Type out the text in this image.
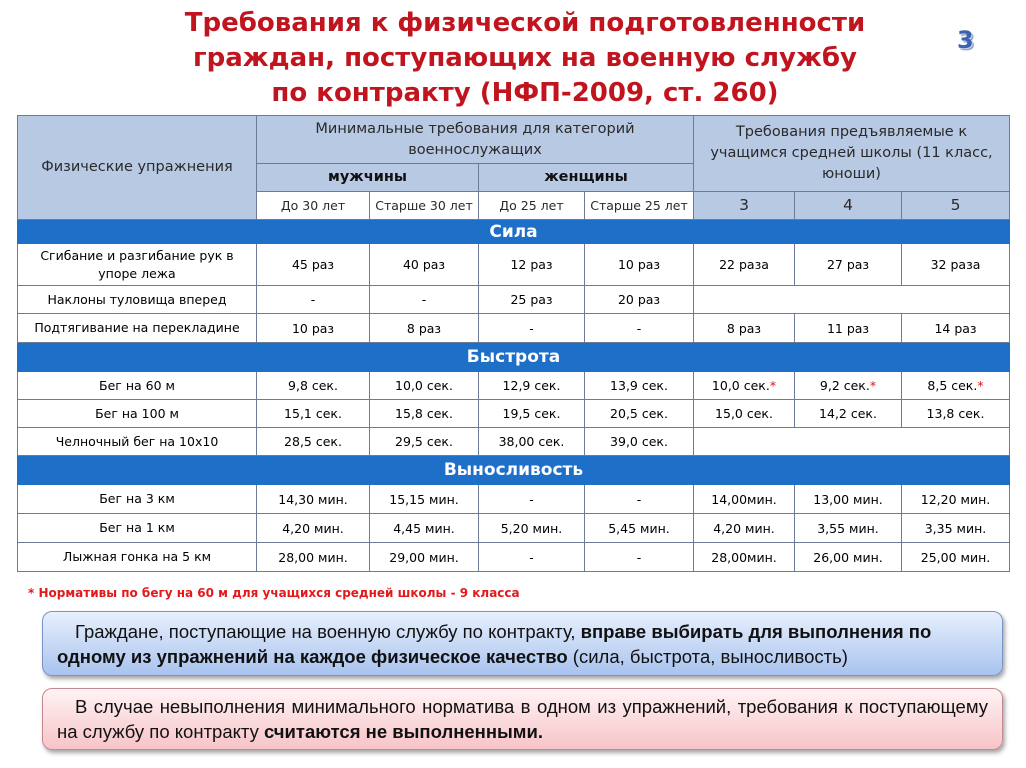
Требования к физической подготовленности
граждан, поступающих на военную службу
по контракту (НФП-2009, ст. 260)
3
Физические упражнения	Минимальные требования для категорий военнослужащих				Требования предъявляемые к учащимся средней школы (11 класс, юноши)		
	мужчины		женщины				
	До 30 лет	Старше 30 лет	До 25 лет	Старше 25 лет	3	4	5
Сила							
Сгибание и разгибание рук в упоре лежа	45 раз	40 раз	12 раз	10 раз	22 раза	27 раз	32 раза
Наклоны туловища вперед	-	-	25 раз	20 раз			
Подтягивание на перекладине	10 раз	8 раз	-	-	8 раз	11 раз	14 раз
Быстрота							
Бег на 60 м	9,8 сек.	10,0 сек.	12,9 сек.	13,9 сек.	10,0 сек.*	9,2 сек.*	8,5 сек.*
Бег на 100 м	15,1 сек.	15,8 сек.	19,5 сек.	20,5 сек.	15,0 сек.	14,2 сек.	13,8 сек.
Челночный бег на 10х10	28,5 сек.	29,5 сек.	38,00 сек.	39,0 сек.			
Выносливость							
Бег на 3 км	14,30 мин.	15,15 мин.	-	-	14,00мин.	13,00 мин.	12,20 мин.
Бег на 1 км	4,20 мин.	4,45 мин.	5,20 мин.	5,45 мин.	4,20 мин.	3,55 мин.	3,35 мин.
Лыжная гонка на 5 км	28,00 мин.	29,00 мин.	-	-	28,00мин.	26,00 мин.	25,00 мин.
* Нормативы по бегу на 60 м для учащихся средней школы - 9 класса

Граждане, поступающие на военную службу по контракту, вправе выбирать для выполнения по одному из упражнений на каждое физическое качество (сила, быстрота, выносливость)

В случае невыполнения минимального норматива в одном из упражнений, требования к поступающему на службу по контракту считаются не выполненными.
